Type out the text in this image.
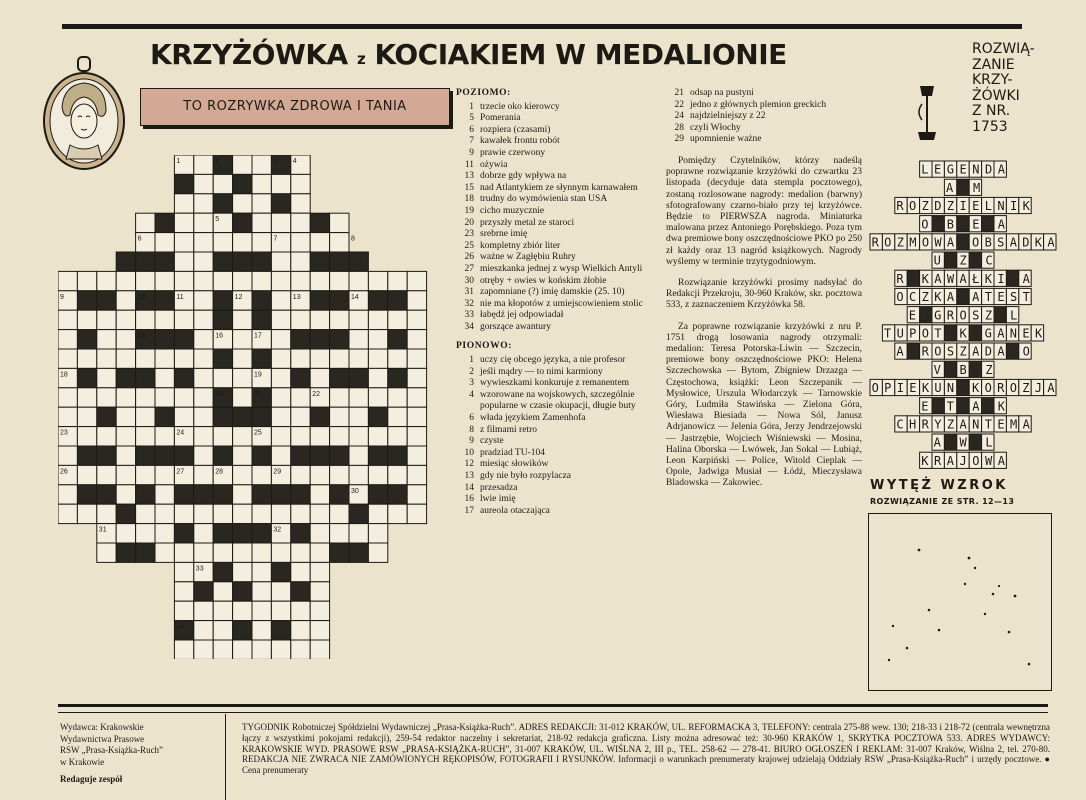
KRZYŻÓWKA z KOCIAKIEM W MEDALIONIE
TO ROZRYWKA ZDROWA I TANIA
1	2	3 4
5
6	7	8
9	10	11	12	13	14
15	16	17
18	19
20	21	22
23	24	25
26	27	28	29
30
31	32
33
34
POZIOMO:
1 trzecie oko kierowcy
5 Pomerania
6 rozpiera (czasami)
7 kawałek frontu robót
9 prawie czerwony
11 ożywia
13 dobrze gdy wpływa na
15 nad Atlantykiem ze słynnym karnawałem
18 trudny do wymówienia stan USA
19 cicho muzycznie
20 przyszły metal ze staroci
23 srebrne imię
25 kompletny zbiór liter
26 ważne w Zagłębiu Ruhry
27 mieszkanka jednej z wysp Wielkich Antyli
30 otręby + owies w końskim żłobie
31 zapomniane (?) imię damskie (25. 10)
32 nie ma kłopotów z umiejscowieniem stolic
33 łabędź jej odpowiadał
34 gorszące awantury
PIONOWO:
1 uczy cię obcego języka, a nie profesor
2 jeśli mądry — to nimi karmiony
3 wywieszkami konkuruje z remanentem
4 wzorowane na wojskowych, szczególnie popularne w czasie okupacji, długie buty
6 włada językiem Zamenhofa
8 z filmami retro
9 czyste
10 pradziad TU-104
12 miesiąc słowików
13 gdy nie było rozpylacza
14 przesadza
16 lwie imię
17 aureola otaczająca
21 odsap na pustyni
22 jedno z głównych plemion greckich
24 najdzielniejszy z 22
28 czyli Włochy
29 upomnienie ważne
Pomiędzy Czytelników, którzy nadeślą poprawne rozwiązanie krzyżówki do czwartku 23 listopada (decyduje data stempla pocztowego), zostaną rozlosowane nagrody: medalion (barwny) sfotografowany czarno-biało przy tej krzyżówce. Będzie to PIERWSZA nagroda. Miniaturka malowana przez Antoniego Porębskiego. Poza tym dwa premiowe bony oszczędnościowe PKO po 250 zł każdy oraz 13 nagród książkowych. Nagrody wyślemy w terminie trzytygodniowym.
Rozwiązanie krzyżówki prosimy nadsyłać do Redakcji Przekroju, 30-960 Kraków, skr. pocztowa 533, z zaznaczeniem Krzyżówka 58.
Za poprawne rozwiązanie krzyżówki z nru P. 1751 drogą losowania nagrody otrzymali: medalion: Teresa Potorska-Liwin — Szczecin, premiowe bony oszczędnościowe PKO: Helena Szczechowska — Bytom, Zbigniew Drzazga — Częstochowa, książki: Leon Szczepanik — Mysłowice, Urszula Włodarczyk — Tarnowskie Góry, Ludmiła Stawińska — Zielona Góra, Wiesława Biesiada — Nowa Sól, Janusz Adrjanowicz — Jelenia Góra, Jerzy Jendrzejowski — Jastrzębie, Wojciech Wiśniewski — Mosina, Halina Oborska — Lwówek, Jan Sokal — Lubiąż, Leon Karpiński — Police, Witold Cieplak — Opole, Jadwiga Musiał — Łódź, Mieczysława Bladowska — Zakowiec.
ROZWIĄ-
ZANIE
KRZY-
ŻÓWKI
Z NR.
1753
LEGENDA
A M
ROZDZIELNIK
O B E A
ROZMOWA OBSADKA
U Z C
R KAWAŁKI A
OCZKA ATEST
E GROSZ L
TUPOT K GANEK
A ROSZADA O
V B Z
OPIEKUN KOROZJA
E T A K
CHRYZANTEMA
A W L
KRAJOWA
WYTĘŻ WZROK
ROZWIĄZANIE ZE STR. 12—13
Wydawca: Krakowskie
Wydawnictwa Prasowe
RSW „Prasa-Książka-Ruch”
w Krakowie
Redaguje zespół
TYGODNIK Robotniczej Spółdzielni Wydawniczej „Prasa-Książka-Ruch”. ADRES REDAKCJI: 31-012 KRAKÓW, UL. REFORMACKA 3, TELEFONY: centrala 275-88 wew. 130; 218-33 i 218-72 (centrala wewnętrzna łączy z wszystkimi pokojami redakcji), 259-54 redaktor naczelny i sekretariat, 218-92 redakcja graficzna. Listy można adresować też: 30-960 KRAKÓW 1, SKRYTKA POCZTOWA 533. ADRES WYDAWCY: KRAKOWSKIE WYD. PRASOWE RSW „PRASA-KSIĄŻKA-RUCH”, 31-007 KRAKÓW, UL. WIŚLNA 2, III p., TEL. 258-62 — 278-41. BIURO OGŁOSZEŃ I REKLAM: 31-007 Kraków, Wiślna 2, tel. 270-80. REDAKCJA NIE ZWRACA NIE ZAMÓWIONYCH RĘKOPISÓW, FOTOGRAFII I RYSUNKÓW. Informacji o warunkach prenumeraty krajowej udzielają Oddziały RSW „Prasa-Książka-Ruch” i urzędy pocztowe. ● Cena prenumeraty
